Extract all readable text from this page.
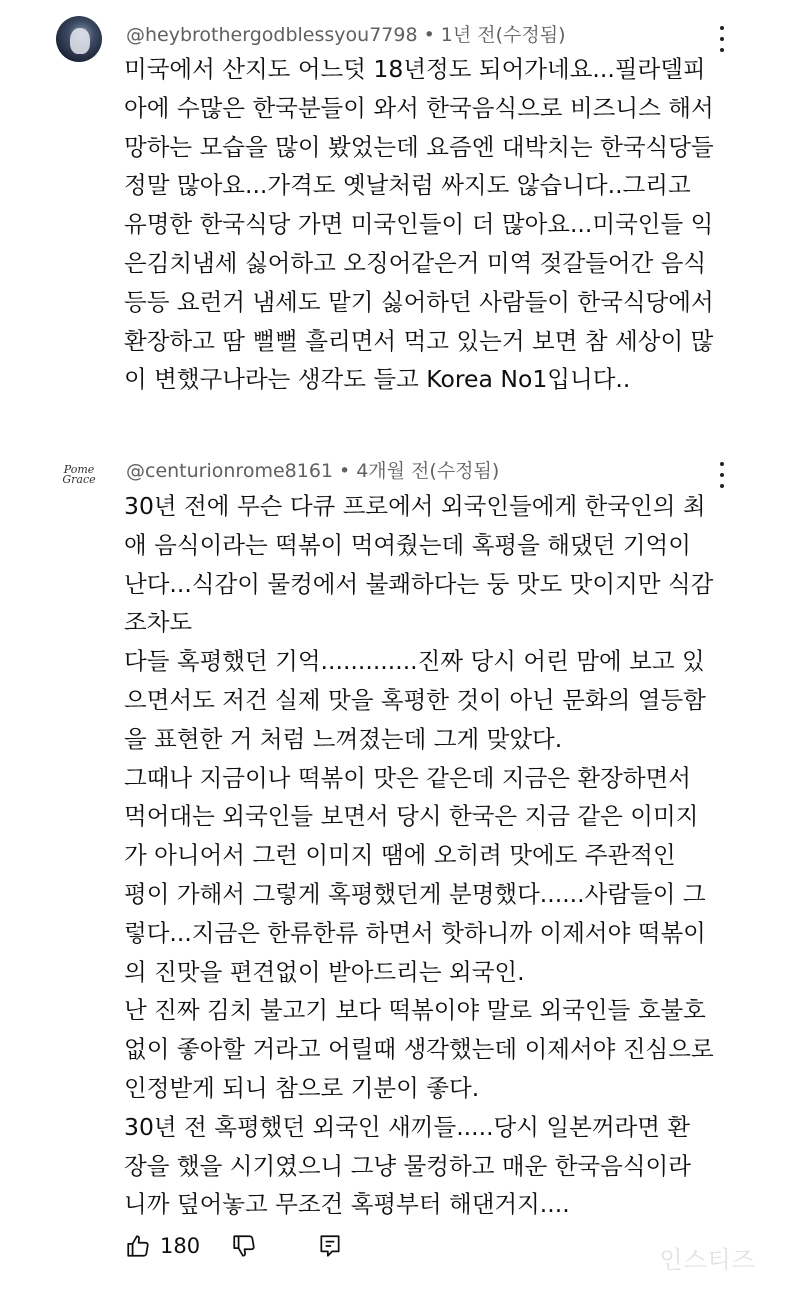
@heybrothergodblessyou7798 • 1년 전(수정됨)
미국에서 산지도 어느덧 18년정도 되어가네요...필라델피
아에 수많은 한국분들이 와서 한국음식으로 비즈니스 해서
망하는 모습을 많이 봤었는데 요즘엔 대박치는 한국식당들
정말 많아요...가격도 옛날처럼 싸지도 않습니다..그리고
유명한 한국식당 가면 미국인들이 더 많아요...미국인들 익
은김치냄세 싫어하고 오징어같은거 미역 젖갈들어간 음식
등등 요런거 냄세도 맡기 싫어하던 사람들이 한국식당에서
환장하고 땀 뻘뻘 흘리면서 먹고 있는거 보면 참 세상이 많
이 변했구나라는 생각도 들고 Korea No1입니다..
Pome Grace	@centurionrome8161 • 4개월 전(수정됨)
30년 전에 무슨 다큐 프로에서 외국인들에게 한국인의 최
애 음식이라는 떡볶이 먹여줬는데 혹평을 해댔던 기억이
난다...식감이 물컹에서 불쾌하다는 둥 맛도 맛이지만 식감
조차도
다들 혹평했던 기억.............진짜 당시 어린 맘에 보고 있
으면서도 저건 실제 맛을 혹평한 것이 아닌 문화의 열등함
을 표현한 거 처럼 느껴졌는데 그게 맞았다.
그때나 지금이나 떡볶이 맛은 같은데 지금은 환장하면서
먹어대는 외국인들 보면서 당시 한국은 지금 같은 이미지
가 아니어서 그런 이미지 땜에 오히려 맛에도 주관적인
평이 가해서 그렇게 혹평했던게 분명했다......사람들이 그
렇다...지금은 한류한류 하면서 핫하니까 이제서야 떡볶이
의 진맛을 편견없이 받아드리는 외국인.
난 진짜 김치 불고기 보다 떡볶이야 말로 외국인들 호불호
없이 좋아할 거라고 어릴때 생각했는데 이제서야 진심으로
인정받게 되니 참으로 기분이 좋다.
30년 전 혹평했던 외국인 새끼들.....당시 일본꺼라면 환
장을 했을 시기였으니 그냥 물컹하고 매운 한국음식이라
니까 덮어놓고 무조건 혹평부터 해댄거지....
180	인스티즈
